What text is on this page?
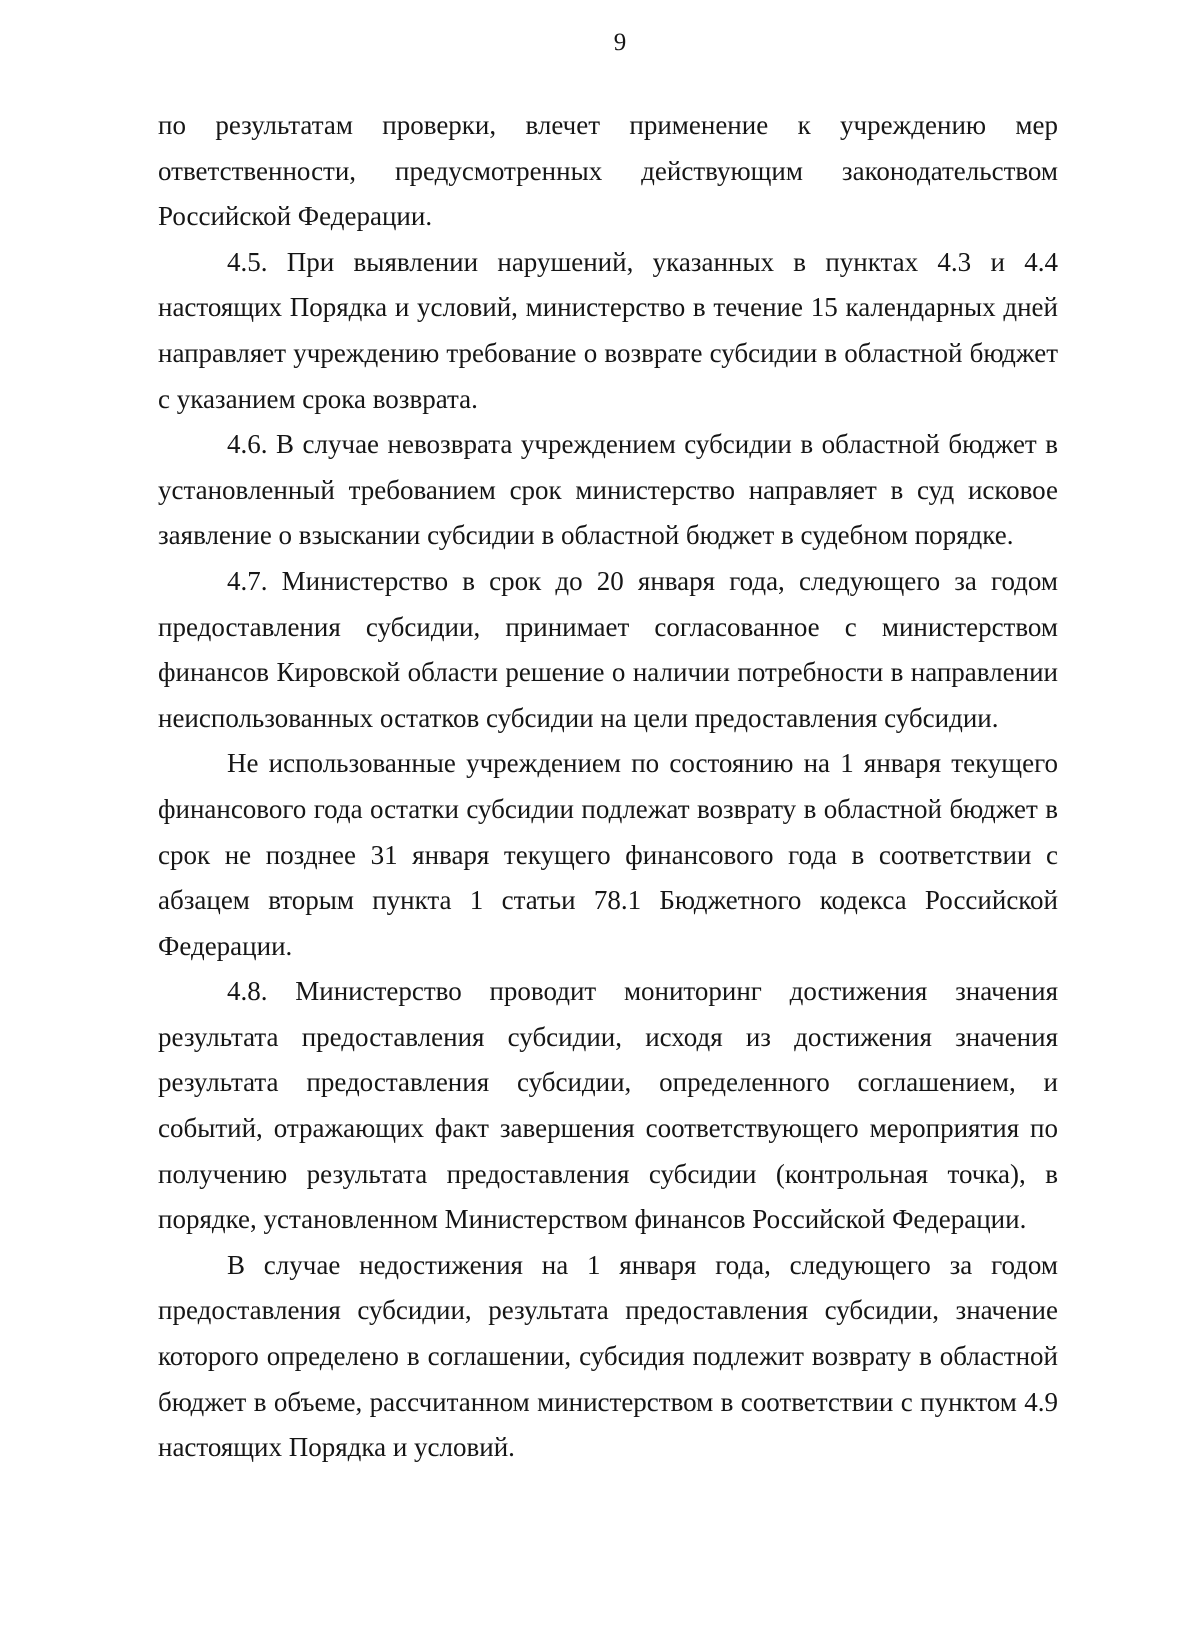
9

по результатам проверки, влечет применение к учреждению мер ответственности, предусмотренных действующим законодательством Российской Федерации.

4.5. При выявлении нарушений, указанных в пунктах 4.3 и 4.4 настоящих Порядка и условий, министерство в течение 15 календарных дней направляет учреждению требование о возврате субсидии в областной бюджет с указанием срока возврата.

4.6. В случае невозврата учреждением субсидии в областной бюджет в установленный требованием срок министерство направляет в суд исковое заявление о взыскании субсидии в областной бюджет в судебном порядке.

4.7. Министерство в срок до 20 января года, следующего за годом предоставления субсидии, принимает согласованное с министерством финансов Кировской области решение о наличии потребности в направлении неиспользованных остатков субсидии на цели предоставления субсидии.

Не использованные учреждением по состоянию на 1 января текущего финансового года остатки субсидии подлежат возврату в областной бюджет в срок не позднее 31 января текущего финансового года в соответствии с абзацем вторым пункта 1 статьи 78.1 Бюджетного кодекса Российской Федерации.

4.8. Министерство проводит мониторинг достижения значения результата предоставления субсидии, исходя из достижения значения результата предоставления субсидии, определенного соглашением, и событий, отражающих факт завершения соответствующего мероприятия по получению результата предоставления субсидии (контрольная точка), в порядке, установленном Министерством финансов Российской Федерации.

В случае недостижения на 1 января года, следующего за годом предоставления субсидии, результата предоставления субсидии, значение которого определено в соглашении, субсидия подлежит возврату в областной бюджет в объеме, рассчитанном министерством в соответствии с пунктом 4.9 настоящих Порядка и условий.
